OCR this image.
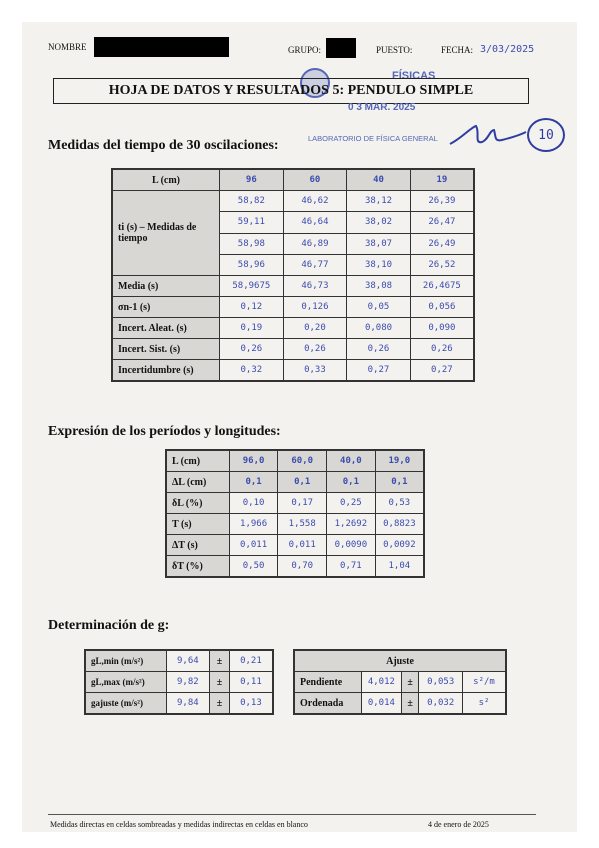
NOMBRE	GRUPO:	PUESTO:	FECHA: 3/03/2025
FÍSICAS
HOJA DE DATOS Y RESULTADOS 5: PENDULO SIMPLE
0 3 MAR. 2025
Medidas del tiempo de 30 oscilaciones:	LABORATORIO DE FÍSICA GENERAL	10
L (cm)	96	60	40	19
ti (s) – Medidas de tiempo	58,82	46,62	38,12	26,39
	59,11	46,64	38,02	26,47
	58,98	46,89	38,07	26,49
	58,96	46,77	38,10	26,52
Media (s)	58,9675	46,73	38,08	26,4675
σn-1 (s)	0,12	0,126	0,05	0,056
Incert. Aleat. (s)	0,19	0,20	0,080	0,090
Incert. Sist. (s)	0,26	0,26	0,26	0,26
Incertidumbre (s)	0,32	0,33	0,27	0,27
Expresión de los períodos y longitudes:
L (cm)	96,0	60,0	40,0	19,0
ΔL (cm)	0,1	0,1	0,1	0,1
δL (%)	0,10	0,17	0,25	0,53
T (s)	1,966	1,558	1,2692	0,8823
ΔT (s)	0,011	0,011	0,0090	0,0092
δT (%)	0,50	0,70	0,71	1,04
Determinación de g:
gL,min (m/s²)	9,64	±	0,21
gL,max (m/s²)	9,82	±	0,11
gajuste (m/s²)	9,84	±	0,13
Ajuste				
Pendiente	4,012	±	0,053	s²/m
Ordenada	0,014	±	0,032	s²
Medidas directas en celdas sombreadas y medidas indirectas en celdas en blanco	4 de enero de 2025
